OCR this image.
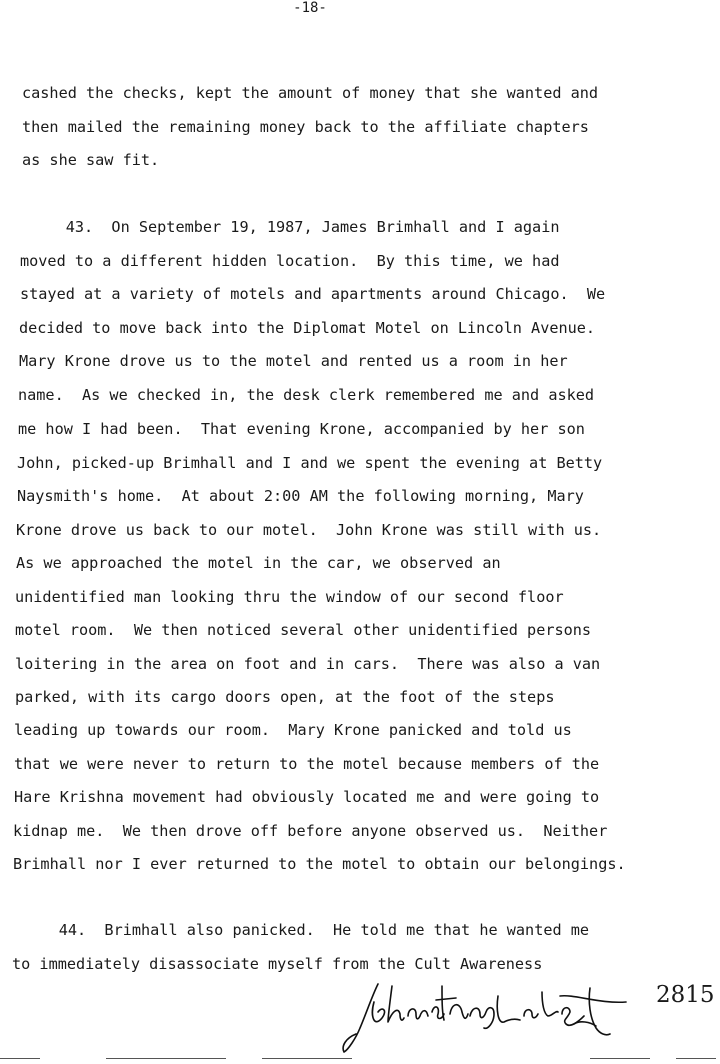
-18-
cashed the checks, kept the amount of money that she wanted and
then mailed the remaining money back to the affiliate chapters
as she saw fit.
43.  On September 19, 1987, James Brimhall and I again
moved to a different hidden location.  By this time, we had
stayed at a variety of motels and apartments around Chicago.  We
decided to move back into the Diplomat Motel on Lincoln Avenue.
Mary Krone drove us to the motel and rented us a room in her
name.  As we checked in, the desk clerk remembered me and asked
me how I had been.  That evening Krone, accompanied by her son
John, picked-up Brimhall and I and we spent the evening at Betty
Naysmith's home.  At about 2:00 AM the following morning, Mary
Krone drove us back to our motel.  John Krone was still with us.
As we approached the motel in the car, we observed an
unidentified man looking thru the window of our second floor
motel room.  We then noticed several other unidentified persons
loitering in the area on foot and in cars.  There was also a van
parked, with its cargo doors open, at the foot of the steps
leading up towards our room.  Mary Krone panicked and told us
that we were never to return to the motel because members of the
Hare Krishna movement had obviously located me and were going to
kidnap me.  We then drove off before anyone observed us.  Neither
Brimhall nor I ever returned to the motel to obtain our belongings.
44.  Brimhall also panicked.  He told me that he wanted me
to immediately disassociate myself from the Cult Awareness
2815
